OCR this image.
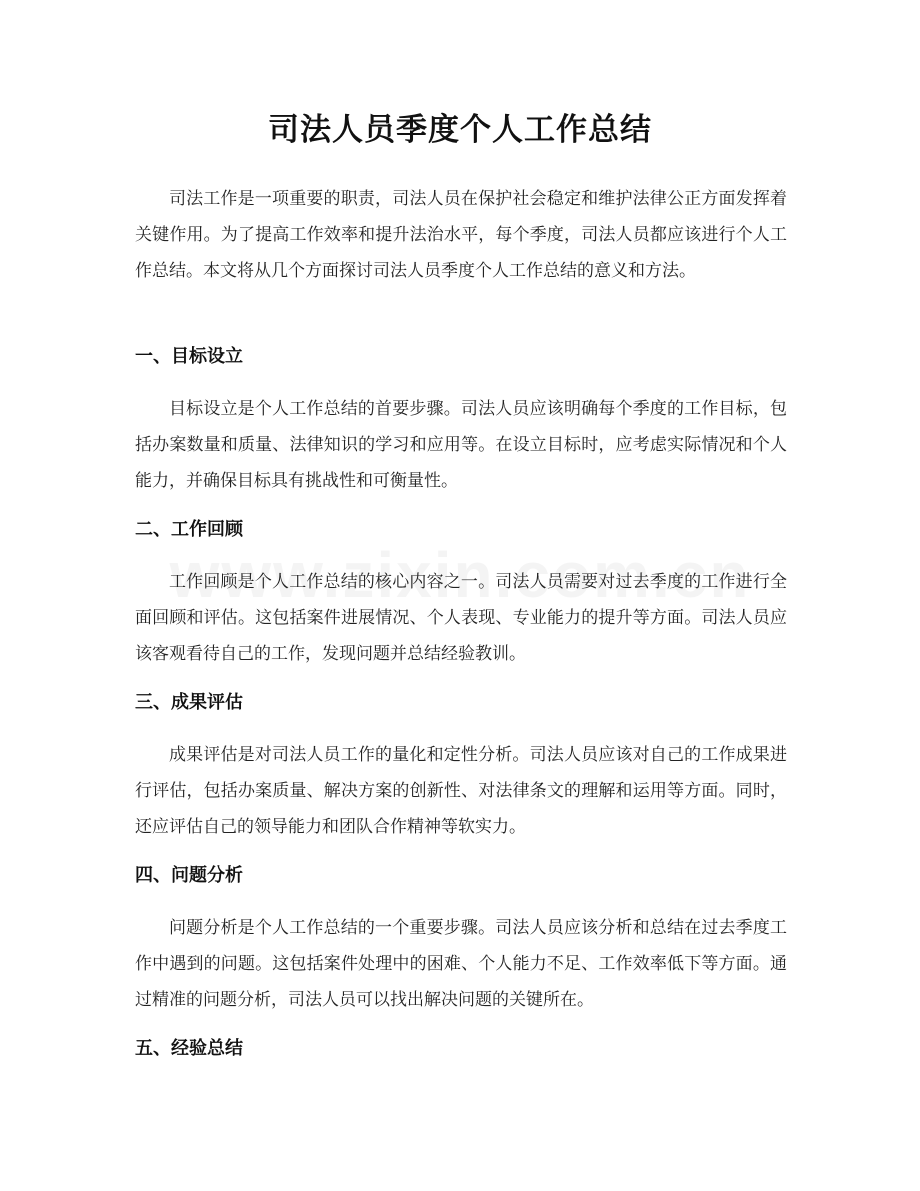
司法人员季度个人工作总结

司法工作是一项重要的职责，司法人员在保护社会稳定和维护法律公正方面发挥着关键作用。为了提高工作效率和提升法治水平，每个季度，司法人员都应该进行个人工作总结。本文将从几个方面探讨司法人员季度个人工作总结的意义和方法。

一、目标设立

目标设立是个人工作总结的首要步骤。司法人员应该明确每个季度的工作目标，包括办案数量和质量、法律知识的学习和应用等。在设立目标时，应考虑实际情况和个人能力，并确保目标具有挑战性和可衡量性。

二、工作回顾

工作回顾是个人工作总结的核心内容之一。司法人员需要对过去季度的工作进行全面回顾和评估。这包括案件进展情况、个人表现、专业能力的提升等方面。司法人员应该客观看待自己的工作，发现问题并总结经验教训。

三、成果评估

成果评估是对司法人员工作的量化和定性分析。司法人员应该对自己的工作成果进行评估，包括办案质量、解决方案的创新性、对法律条文的理解和运用等方面。同时，还应评估自己的领导能力和团队合作精神等软实力。

四、问题分析

问题分析是个人工作总结的一个重要步骤。司法人员应该分析和总结在过去季度工作中遇到的问题。这包括案件处理中的困难、个人能力不足、工作效率低下等方面。通过精准的问题分析，司法人员可以找出解决问题的关键所在。

五、经验总结
